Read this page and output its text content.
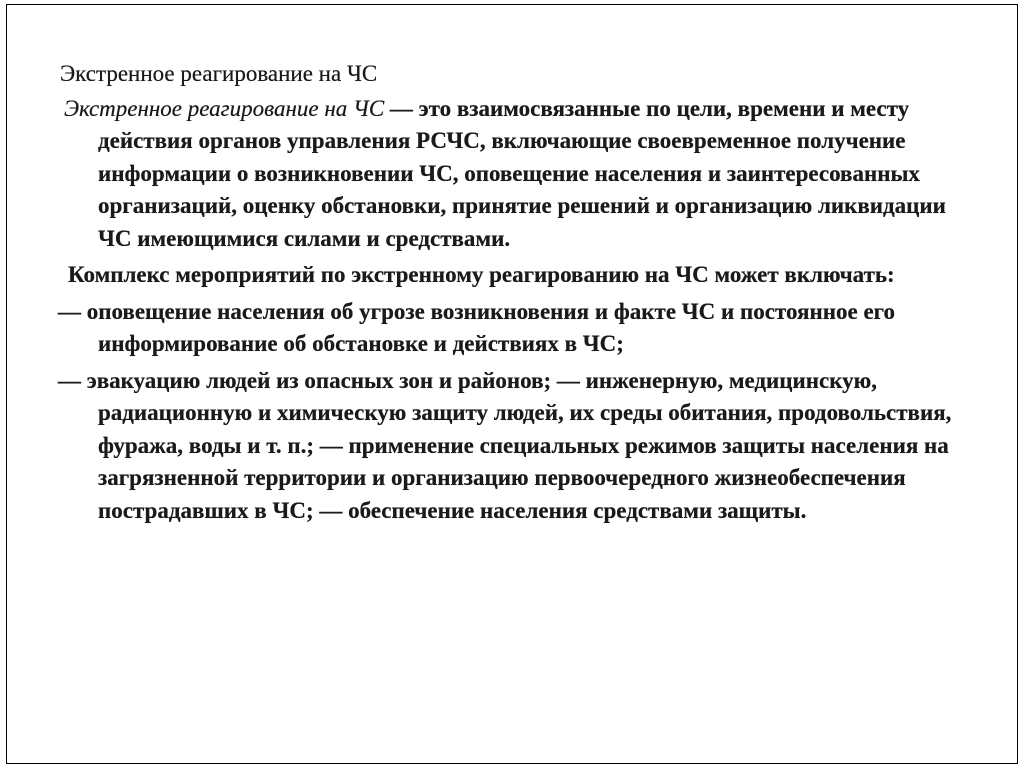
Экстренное реагирование на ЧС
Экстренное реагирование на ЧС — это взаимосвязанные по цели, времени и месту действия органов управления РСЧС, включающие своевременное получение информации о возникновении ЧС, оповещение населения и заинтересованных организаций, оценку обстановки, принятие решений и организацию ликвидации ЧС имеющимися силами и средствами.
Комплекс мероприятий по экстренному реагированию на ЧС может включать:
— оповещение населения об угрозе возникновения и факте ЧС и постоянное его информирование об обстановке и действиях в ЧС;
— эвакуацию людей из опасных зон и районов; — инженерную, медицинскую, радиационную и химическую защиту людей, их среды обитания, продовольствия, фуража, воды и т. п.; — применение специальных режимов защиты населения на загрязненной территории и организацию первоочередного жизнеобеспечения пострадавших в ЧС; — обеспечение населения средствами защиты.
